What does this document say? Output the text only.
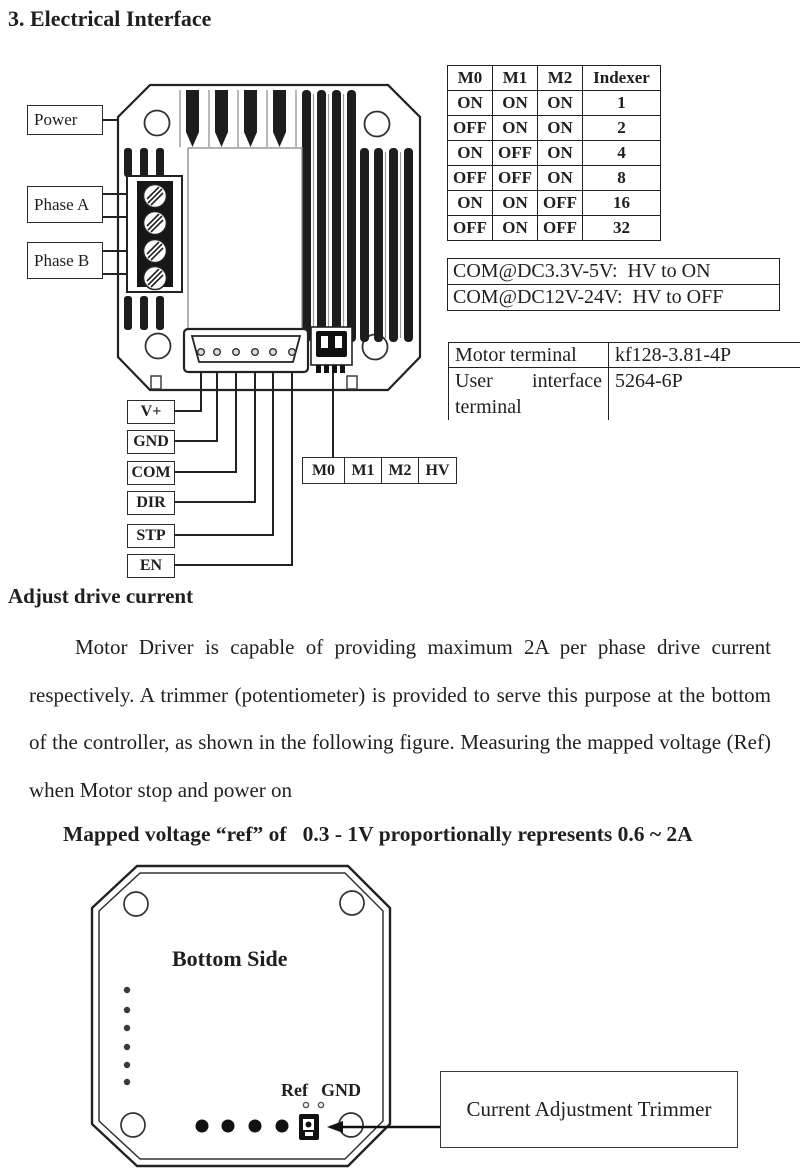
3. Electrical Interface
Power
Phase A
Phase B
V+
GND
COM
DIR
STP
EN
M0	M1 M2 HV
M0	M1	M2	Indexer
ON	ON	ON	1
OFF	ON	ON	2
ON	OFF	ON	4
OFF	OFF	ON	8
ON	ON	OFF	16
OFF	ON	OFF	32
COM@DC3.3V-5V:  HV to ON
COM@DC12V-24V:  HV to OFF
Motor terminal	kf128-3.81-4P
User interface terminal	5264-6P
Adjust drive current
Motor Driver is capable of providing maximum 2A per phase drive current respectively. A trimmer (potentiometer) is provided to serve this purpose at the bottom of the controller, as shown in the following figure. Measuring the mapped voltage (Ref) when Motor stop and power on
Mapped voltage “ref” of   0.3 - 1V proportionally represents 0.6 ~ 2A
Bottom Side
Ref GND
Current Adjustment Trimmer
